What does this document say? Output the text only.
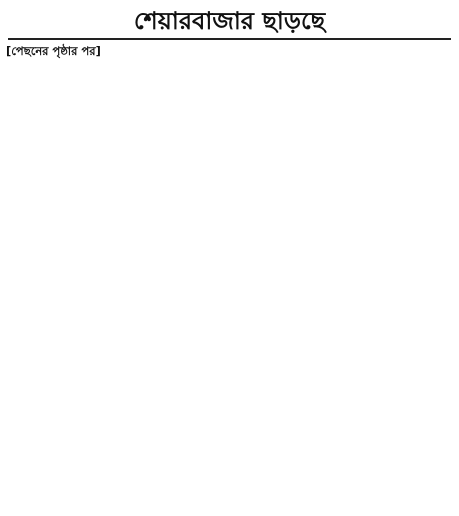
শেয়ারবাজার ছাড়ছে

[পেছনের পৃষ্ঠার পর]
